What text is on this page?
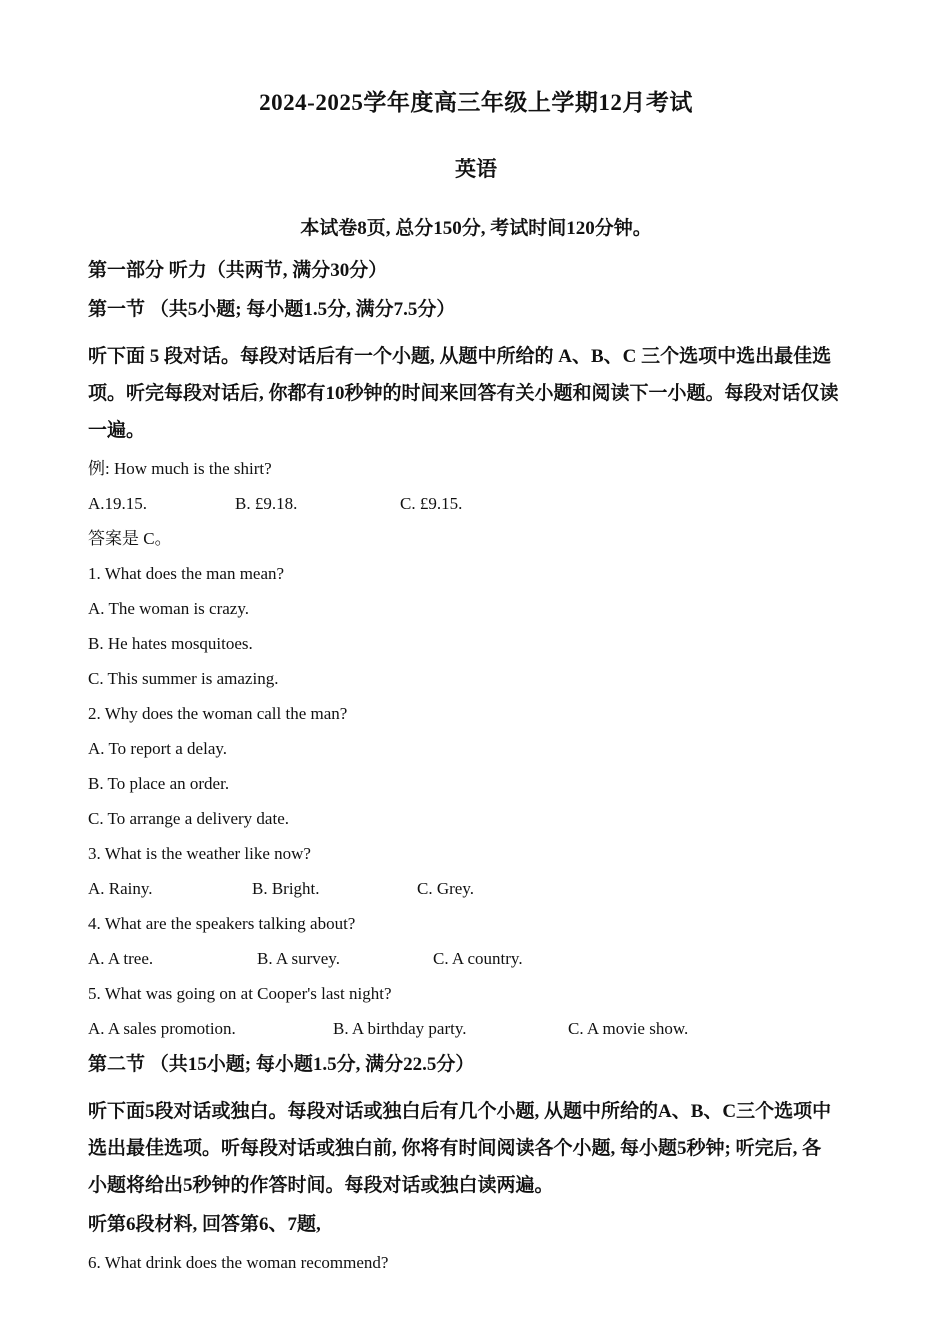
2024-2025学年度高三年级上学期12月考试
英语

本试卷8页, 总分150分, 考试时间120分钟。

第一部分 听力（共两节, 满分30分）

第一节 （共5小题; 每小题1.5分, 满分7.5分）

听下面 5 段对话。每段对话后有一个小题, 从题中所给的 A、B、C 三个选项中选出最佳选

项。听完每段对话后, 你都有10秒钟的时间来回答有关小题和阅读下一小题。每段对话仅读

一遍。

例: How much is the shirt?

A.19.15.	B. £9.18.	C. £9.15.

答案是 C。

1. What does the man mean?

A. The woman is crazy.

B. He hates mosquitoes.

C. This summer is amazing.

2. Why does the woman call the man?

A. To report a delay.

B. To place an order.

C. To arrange a delivery date.

3. What is the weather like now?

A. Rainy.	B. Bright.	C. Grey.

4. What are the speakers talking about?

A. A tree.	B. A survey.	C. A country.

5. What was going on at Cooper's last night?

A. A sales promotion.	B. A birthday party.	C. A movie show.

第二节 （共15小题; 每小题1.5分, 满分22.5分）

听下面5段对话或独白。每段对话或独白后有几个小题, 从题中所给的A、B、C三个选项中

选出最佳选项。听每段对话或独白前, 你将有时间阅读各个小题, 每小题5秒钟; 听完后, 各

小题将给出5秒钟的作答时间。每段对话或独白读两遍。

听第6段材料, 回答第6、7题,

6. What drink does the woman recommend?
